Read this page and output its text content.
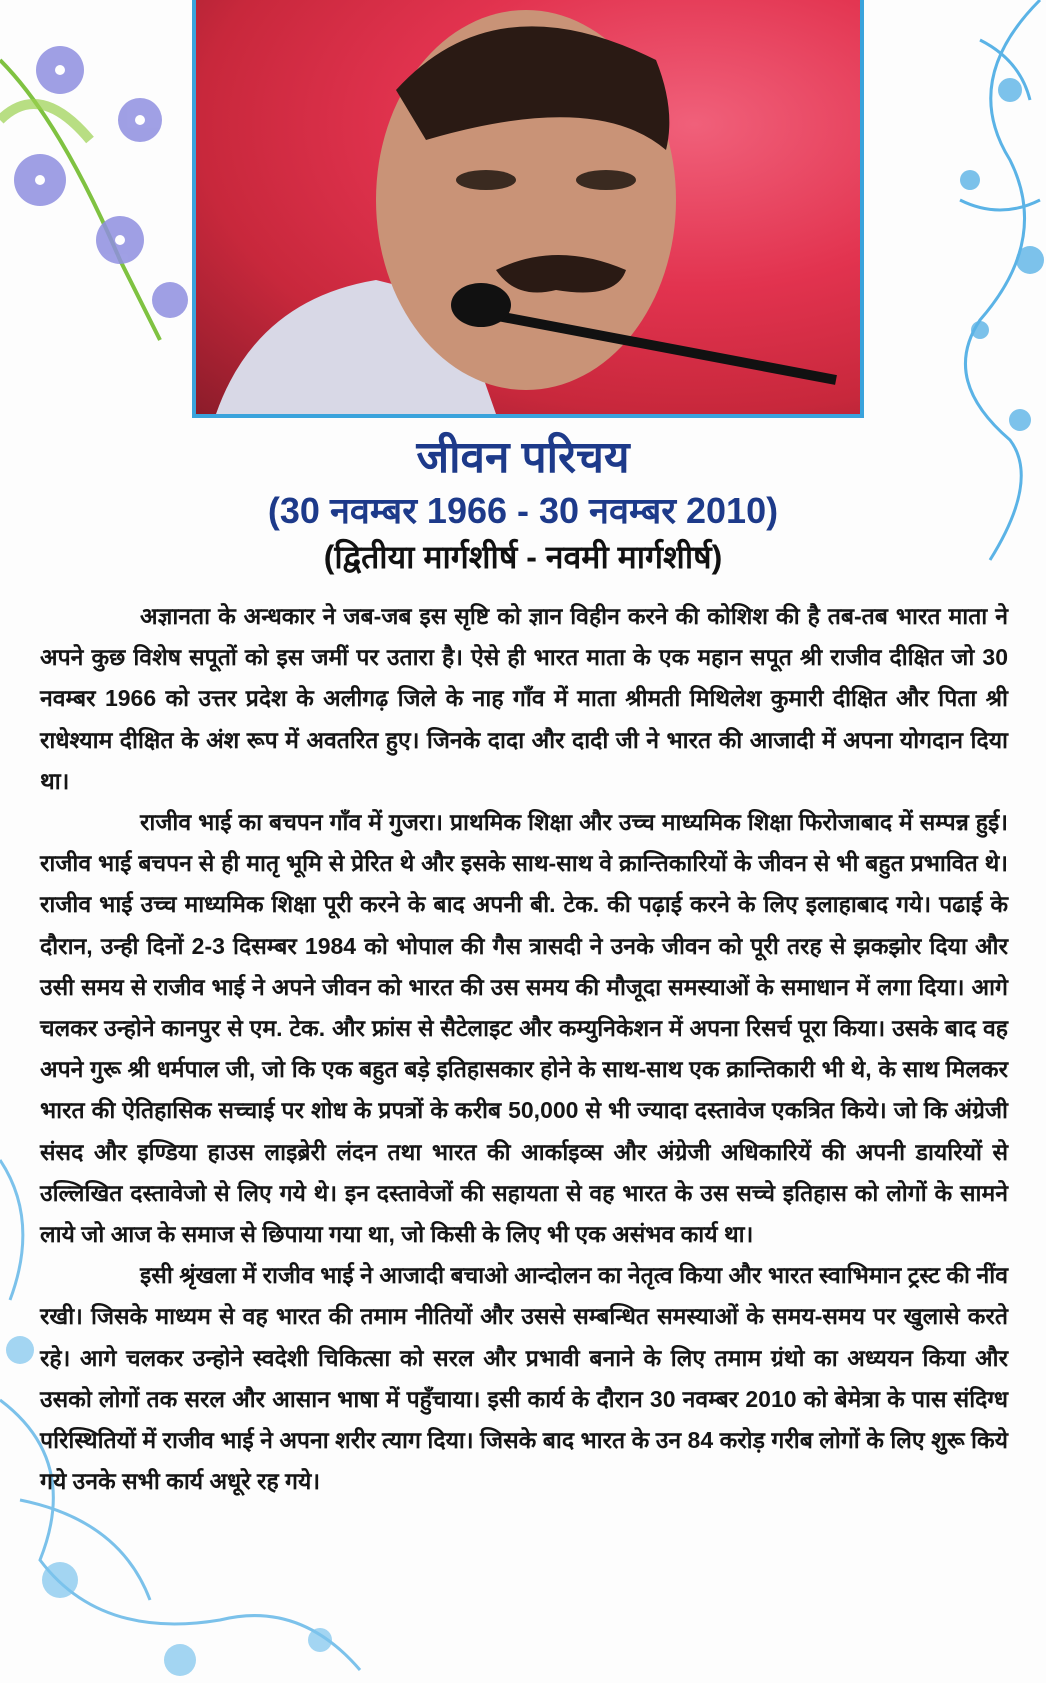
जीवन परिचय
(30 नवम्बर 1966 - 30 नवम्बर 2010)
(द्वितीया मार्गशीर्ष - नवमी मार्गशीर्ष)

अज्ञानता के अन्धकार ने जब-जब इस सृष्टि को ज्ञान विहीन करने की कोशिश की है तब-तब भारत माता ने अपने कुछ विशेष सपूतों को इस जमीं पर उतारा है। ऐसे ही भारत माता के एक महान सपूत श्री राजीव दीक्षित जो 30 नवम्बर 1966 को उत्तर प्रदेश के अलीगढ़ जिले के नाह गाँव में माता श्रीमती मिथिलेश कुमारी दीक्षित और पिता श्री राधेश्याम दीक्षित के अंश रूप में अवतरित हुए। जिनके दादा और दादी जी ने भारत की आजादी में अपना योगदान दिया था।

राजीव भाई का बचपन गाँव में गुजरा। प्राथमिक शिक्षा और उच्च माध्यमिक शिक्षा फिरोजाबाद में सम्पन्न हुई। राजीव भाई बचपन से ही मातृ भूमि से प्रेरित थे और इसके साथ-साथ वे क्रान्तिकारियों के जीवन से भी बहुत प्रभावित थे। राजीव भाई उच्च माध्यमिक शिक्षा पूरी करने के बाद अपनी बी. टेक. की पढ़ाई करने के लिए इलाहाबाद गये। पढाई के दौरान, उन्ही दिनों 2-3 दिसम्बर 1984 को भोपाल की गैस त्रासदी ने उनके जीवन को पूरी तरह से झकझोर दिया और उसी समय से राजीव भाई ने अपने जीवन को भारत की उस समय की मौजूदा समस्याओं के समाधान में लगा दिया। आगे चलकर उन्होने कानपुर से एम. टेक. और फ्रांस से सैटेलाइट और कम्युनिकेशन में अपना रिसर्च पूरा किया। उसके बाद वह अपने गुरू श्री धर्मपाल जी, जो कि एक बहुत बड़े इतिहासकार होने के साथ-साथ एक क्रान्तिकारी भी थे, के साथ मिलकर भारत की ऐतिहासिक सच्चाई पर शोध के प्रपत्रों के करीब 50,000 से भी ज्यादा दस्तावेज एकत्रित किये। जो कि अंग्रेजी संसद और इण्डिया हाउस लाइब्रेरी लंदन तथा भारत की आर्काइव्स और अंग्रेजी अधिकारियें की अपनी डायरियों से उल्लिखित दस्तावेजो से लिए गये थे। इन दस्तावेजों की सहायता से वह भारत के उस सच्चे इतिहास को लोगों के सामने लाये जो आज के समाज से छिपाया गया था, जो किसी के लिए भी एक असंभव कार्य था।

इसी श्रृंखला में राजीव भाई ने आजादी बचाओ आन्दोलन का नेतृत्व किया और भारत स्वाभिमान ट्रस्ट की नींव रखी। जिसके माध्यम से वह भारत की तमाम नीतियों और उससे सम्बन्धित समस्याओं के समय-समय पर खुलासे करते रहे। आगे चलकर उन्होने स्वदेशी चिकित्सा को सरल और प्रभावी बनाने के लिए तमाम ग्रंथो का अध्ययन किया और उसको लोगों तक सरल और आसान भाषा में पहुँचाया। इसी कार्य के दौरान 30 नवम्बर 2010 को बेमेत्रा के पास संदिग्ध परिस्थितियों में राजीव भाई ने अपना शरीर त्याग दिया। जिसके बाद भारत के उन 84 करोड़ गरीब लोगों के लिए शुरू किये गये उनके सभी कार्य अधूरे रह गये।
